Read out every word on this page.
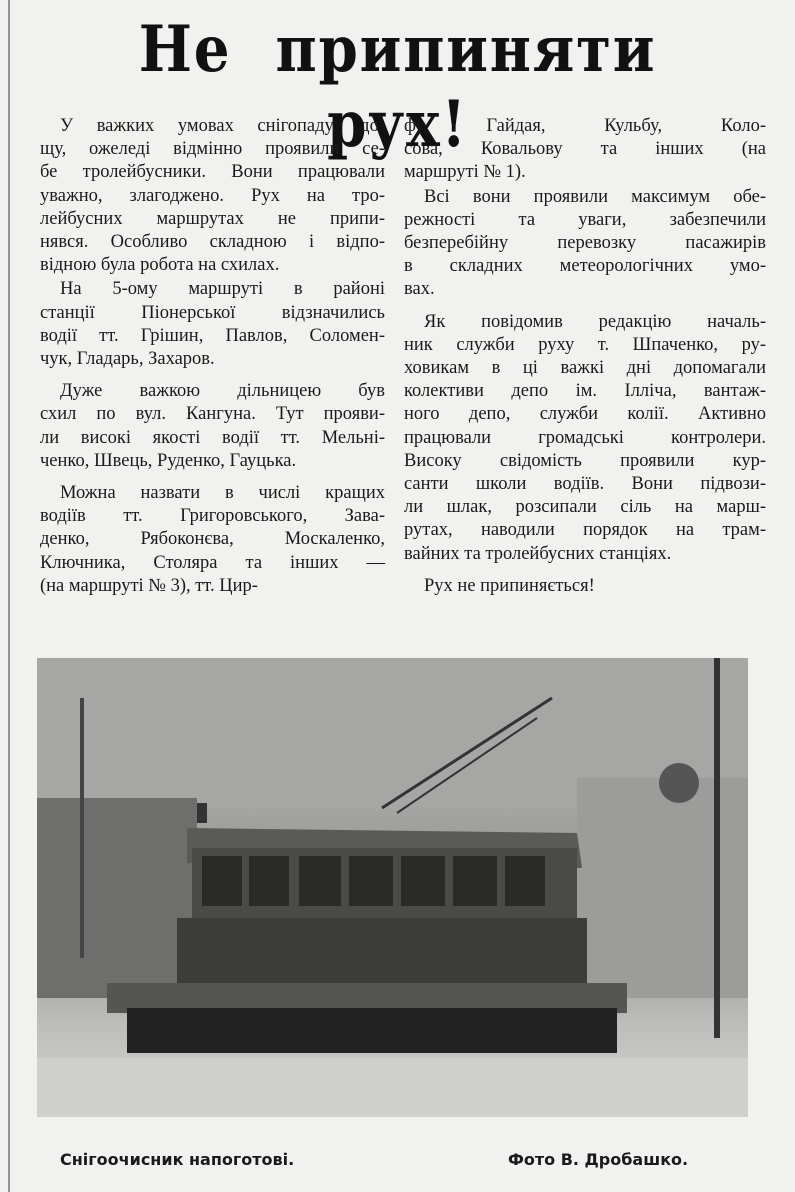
Не припиняти рух!
У важких умовах снігопаду, до-
щу, ожеледі відмінно проявили се-
бе тролейбусники. Вони працювали
уважно, злагоджено. Рух на тро-
лейбусних маршрутах не припи-
нявся. Особливо складною і відпо-
відною була робота на схилах.
На 5-ому маршруті в районі
станції Піонерської відзначились
водії тт. Грішин, Павлов, Соломен-
чук, Гладарь, Захаров.
Дуже важкою дільницею був
схил по вул. Кангуна. Тут прояви-
ли високі якості водії тт. Мельні-
ченко, Швець, Руденко, Гауцька.
Можна назвати в числі кращих
водіїв тт. Григоровського, Зава-
денко, Рябоконєва, Москаленко,
Ключника, Столяра та інших —
(на маршруті № 3), тт. Цир-
фу, Гайдая, Кульбу, Коло-
сова, Ковальову та інших (на
маршруті № 1).
Всі вони проявили максимум обе-
режності та уваги, забезпечили
безперебійну перевозку пасажирів
в складних метеорологічних умо-
вах.
Як повідомив редакцію началь-
ник служби руху т. Шпаченко, ру-
ховикам в ці важкі дні допомагали
колективи депо ім. Ілліча, вантаж-
ного депо, служби колії. Активно
працювали громадські контролери.
Високу свідомість проявили кур-
санти школи водіїв. Вони підвози-
ли шлак, розсипали сіль на марш-
рутах, наводили порядок на трам-
вайних та тролейбусних станціях.
Рух не припиняється!
Снігоочисник напоготові.	Фото В. Дробашко.
